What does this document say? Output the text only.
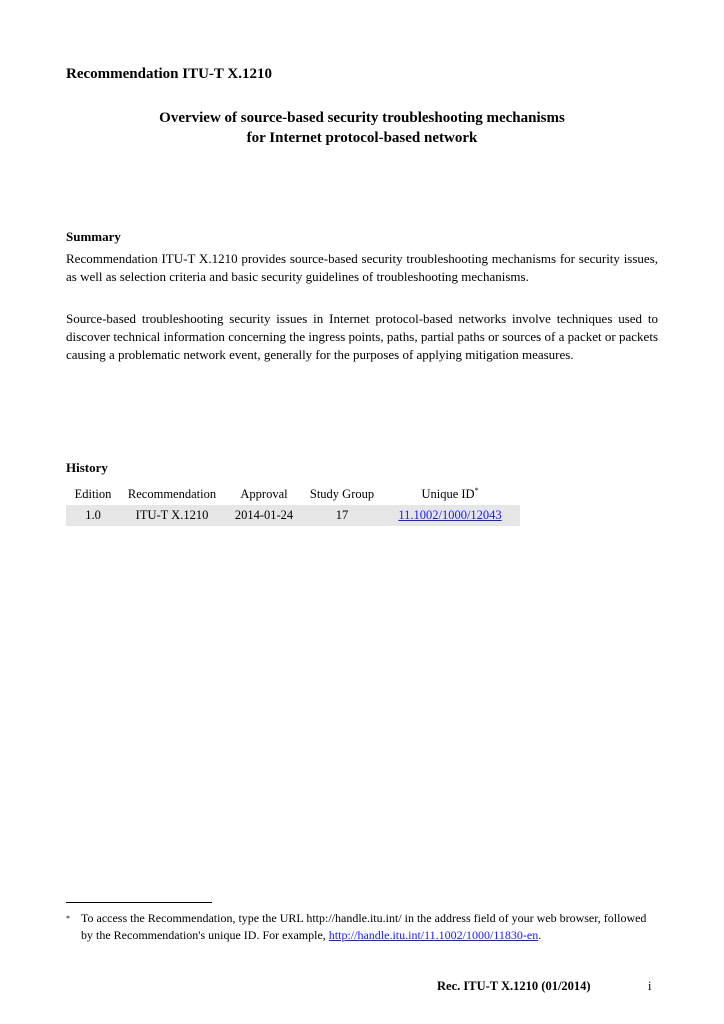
Recommendation ITU-T X.1210
Overview of source-based security troubleshooting mechanisms
for Internet protocol-based network
Summary
Recommendation ITU-T X.1210 provides source-based security troubleshooting mechanisms for security issues, as well as selection criteria and basic security guidelines of troubleshooting mechanisms.
Source-based troubleshooting security issues in Internet protocol-based networks involve techniques used to discover technical information concerning the ingress points, paths, partial paths or sources of a packet or packets causing a problematic network event, generally for the purposes of applying mitigation measures.
History
Edition	Recommendation	Approval	Study Group	Unique ID*
1.0	ITU-T X.1210	2014-01-24	17	11.1002/1000/12043
* To access the Recommendation, type the URL http://handle.itu.int/ in the address field of your web browser, followed by the Recommendation's unique ID. For example, http://handle.itu.int/11.1002/1000/11830-en.
Rec. ITU-T X.1210 (01/2014)	i
